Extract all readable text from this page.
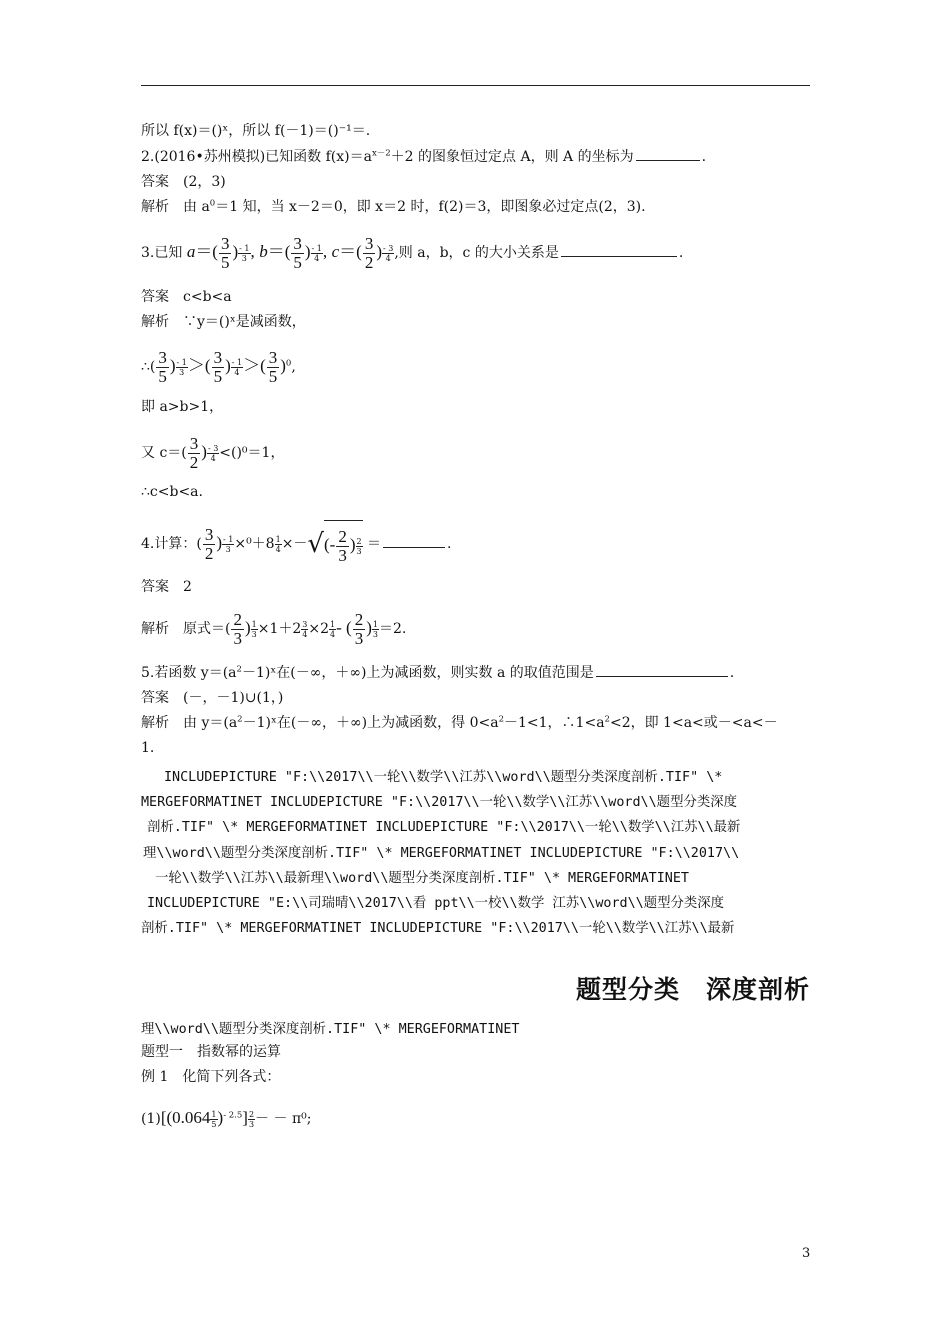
所以 f(x)＝()ˣ，所以 f(－1)＝()⁻¹＝.
2.(2016•苏州模拟)已知函数 $f(x)=a^{x-2}+2$ 的图象恒过定点 A，则 A 的坐标为	.
答案　(2，3)
解析　由 $a^0=1$ 知，当 x－2＝0，即 x＝2 时，f(2)＝3，即图象必过定点(2，3).
3.已知 $a=( \frac{3}{5}$ ) $\frac{- 1}{3}$ , $b=( \frac{3}{5}$ ) $\frac{- 1}{4}$ , $c=( \frac{3}{2}$ ) $\frac{- 3}{4}$ ,则 a，b，c 的大小关系是	.
答案　c<b<a
解析　∵y＝()ˣ是减函数，
∴( $\frac{3}{5}$ ) $\frac{- 1}{3}$ ＞( $\frac{3}{5}$ ) $\frac{- 1}{4}$ ＞( $\frac{3}{5} )^0$,
即 a>b>1，
又 $c=( \frac{3}{2}$ ) $\frac{- 3}{4} <()^0=1$，
∴c<b<a.
4.计算：( $\frac{3}{2}$ ) $\frac{- 1}{3} \times^0+8 \frac{1}{4}$ ×－√(- $\frac{2}{3}$ ) $\frac{2}{3}$ ＝	.
答案　2
解析　原式＝( $\frac{2}{3}$ ) $\frac{1}{3} \times 1+2 \frac{3}{4} \times 2 \frac{1}{4}$ - ( $\frac{2}{3}$ ) $\frac{1}{3} =2$.
5.若函数 $y=(a^2-1)ˣ$在(－∞，＋∞)上为减函数，则实数 a 的取值范围是	.
答案　(－，－1)∪(1，)
解析　由 $y=(a^2-1)ˣ$在(－∞，＋∞)上为减函数，得 $0<a^2-1<1$，$\therefore 1<a^2<2$，即 1<a<或－<a<－
1.
INCLUDEPICTURE "F:\\2017\\一轮\\数学\\江苏\\word\\题型分类深度剖析.TIF" \*
MERGEFORMATINET INCLUDEPICTURE "F:\\2017\\一轮\\数学\\江苏\\word\\题型分类深度
剖析.TIF" \* MERGEFORMATINET INCLUDEPICTURE "F:\\2017\\一轮\\数学\\江苏\\最新
理\\word\\题型分类深度剖析.TIF" \* MERGEFORMATINET INCLUDEPICTURE "F:\\2017\\
一轮\\数学\\江苏\\最新理\\word\\题型分类深度剖析.TIF" \* MERGEFORMATINET
INCLUDEPICTURE "E:\\司瑞晴\\2017\\看 ppt\\一校\\数学 江苏\\word\\题型分类深度
剖析.TIF" \* MERGEFORMATINET INCLUDEPICTURE "F:\\2017\\一轮\\数学\\江苏\\最新
题型分类　深度剖析
理\\word\\题型分类深度剖析.TIF" \* MERGEFORMATINET
题型一　指数幂的运算
例 1　化简下列各式：
$(1)[(0.064 \frac{1}{5} )^{- 2.5}] \frac{2}{3}$ － － π⁰;
3
